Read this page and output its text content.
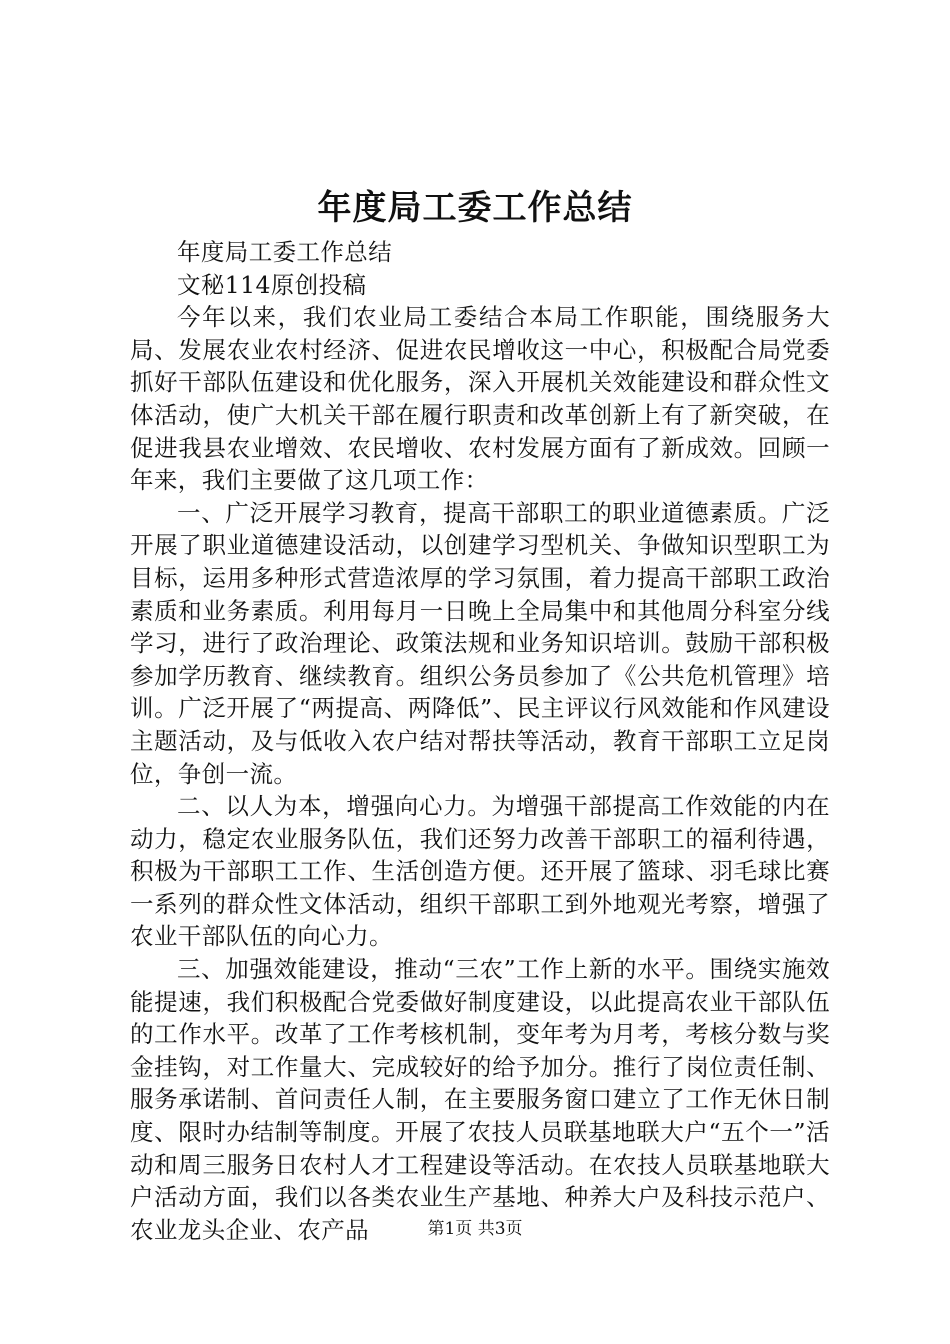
年度局工委工作总结

年度局工委工作总结

文秘114原创投稿

今年以来，我们农业局工委结合本局工作职能，围绕服务大局、发展农业农村经济、促进农民增收这一中心，积极配合局党委抓好干部队伍建设和优化服务，深入开展机关效能建设和群众性文体活动，使广大机关干部在履行职责和改革创新上有了新突破，在促进我县农业增效、农民增收、农村发展方面有了新成效。回顾一年来，我们主要做了这几项工作：

一、广泛开展学习教育，提高干部职工的职业道德素质。广泛开展了职业道德建设活动，以创建学习型机关、争做知识型职工为目标，运用多种形式营造浓厚的学习氛围，着力提高干部职工政治素质和业务素质。利用每月一日晚上全局集中和其他周分科室分线学习，进行了政治理论、政策法规和业务知识培训。鼓励干部积极参加学历教育、继续教育。组织公务员参加了《公共危机管理》培训。广泛开展了“两提高、两降低”、民主评议行风效能和作风建设主题活动，及与低收入农户结对帮扶等活动，教育干部职工立足岗位，争创一流。

二、以人为本，增强向心力。为增强干部提高工作效能的内在动力，稳定农业服务队伍，我们还努力改善干部职工的福利待遇，积极为干部职工工作、生活创造方便。还开展了篮球、羽毛球比赛一系列的群众性文体活动，组织干部职工到外地观光考察，增强了农业干部队伍的向心力。

三、加强效能建设，推动“三农”工作上新的水平。围绕实施效能提速，我们积极配合党委做好制度建设，以此提高农业干部队伍的工作水平。改革了工作考核机制，变年考为月考，考核分数与奖金挂钩，对工作量大、完成较好的给予加分。推行了岗位责任制、服务承诺制、首问责任人制，在主要服务窗口建立了工作无休日制度、限时办结制等制度。开展了农技人员联基地联大户“五个一”活动和周三服务日农村人才工程建设等活动。在农技人员联基地联大户活动方面，我们以各类农业生产基地、种养大户及科技示范户、农业龙头企业、农产品	第1页 共3页
